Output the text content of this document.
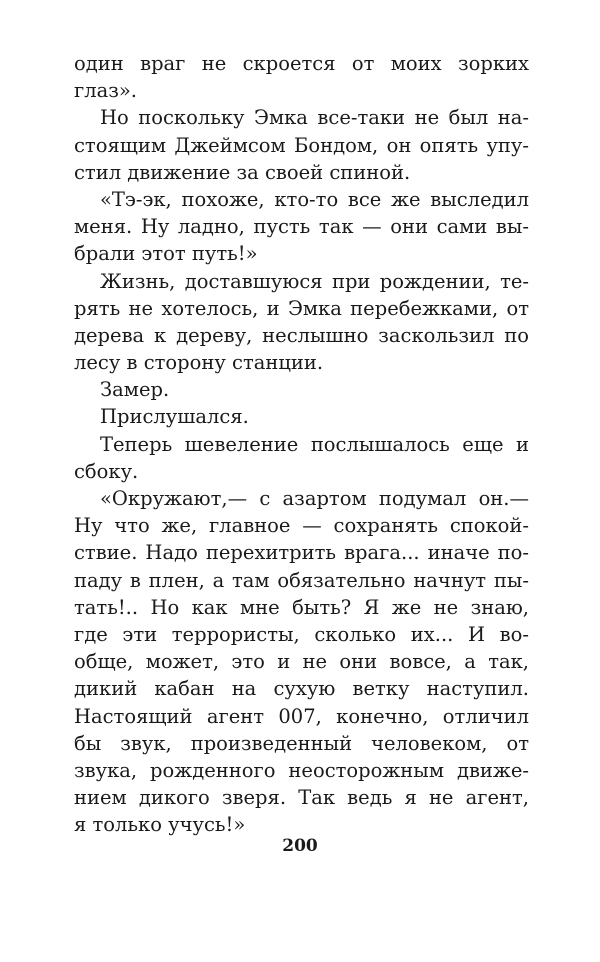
один враг не скроется от моих зорких
глаз».
Но поскольку Эмка все-таки не был на-
стоящим Джеймсом Бондом, он опять упу-
стил движение за своей спиной.
«Тэ-эк, похоже, кто-то все же выследил
меня. Ну ладно, пусть так — они сами вы-
брали этот путь!»
Жизнь, доставшуюся при рождении, те-
рять не хотелось, и Эмка перебежками, от
дерева к дереву, неслышно заскользил по
лесу в сторону станции.
Замер.
Прислушался.
Теперь шевеление послышалось еще и
сбоку.
«Окружают,— с азартом подумал он.—
Ну что же, главное — сохранять спокой-
ствие. Надо перехитрить врага... иначе по-
паду в плен, а там обязательно начнут пы-
тать!.. Но как мне быть? Я же не знаю,
где эти террористы, сколько их... И во-
обще, может, это и не они вовсе, а так,
дикий кабан на сухую ветку наступил.
Настоящий агент 007, конечно, отличил
бы звук, произведенный человеком, от
звука, рожденного неосторожным движе-
нием дикого зверя. Так ведь я не агент,
я только учусь!»
200
